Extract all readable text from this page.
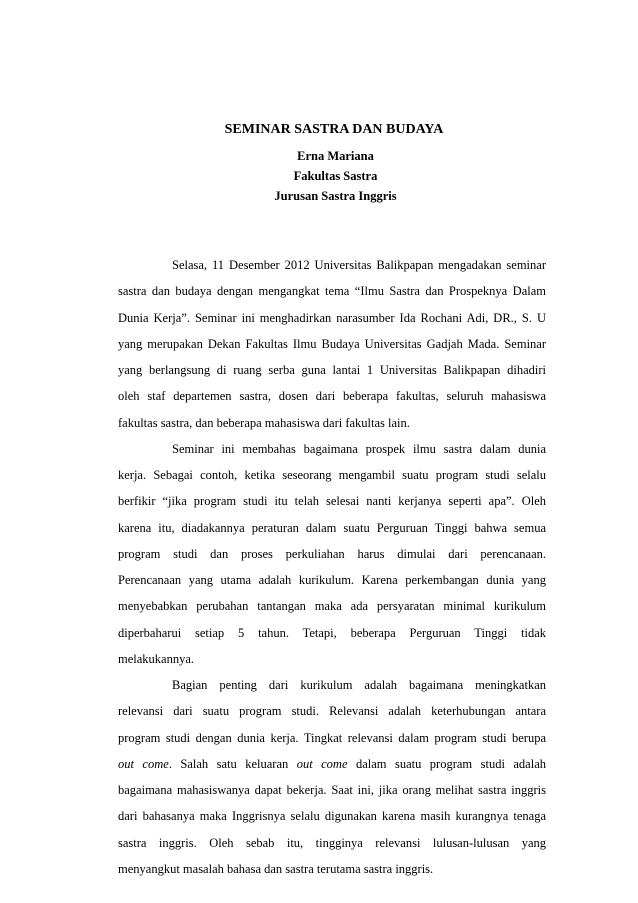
SEMINAR SASTRA DAN BUDAYA

Erna Mariana

Fakultas Sastra

Jurusan Sastra Inggris

Selasa, 11 Desember 2012 Universitas Balikpapan mengadakan seminar
sastra dan budaya dengan mengangkat tema “Ilmu Sastra dan Prospeknya Dalam
Dunia Kerja”. Seminar ini menghadirkan narasumber Ida Rochani Adi, DR., S. U
yang merupakan Dekan Fakultas Ilmu Budaya Universitas Gadjah Mada. Seminar
yang berlangsung di ruang serba guna lantai 1 Universitas Balikpapan dihadiri
oleh staf departemen sastra, dosen dari beberapa fakultas, seluruh mahasiswa
fakultas sastra, dan beberapa mahasiswa dari fakultas lain.
Seminar ini membahas bagaimana prospek ilmu sastra dalam dunia
kerja. Sebagai contoh, ketika seseorang mengambil suatu program studi selalu
berfikir “jika program studi itu telah selesai nanti kerjanya seperti apa”. Oleh
karena itu, diadakannya peraturan dalam suatu Perguruan Tinggi bahwa semua
program studi dan proses perkuliahan harus dimulai dari perencanaan.
Perencanaan yang utama adalah kurikulum. Karena perkembangan dunia yang
menyebabkan perubahan tantangan maka ada persyaratan minimal kurikulum
diperbaharui setiap 5 tahun. Tetapi, beberapa Perguruan Tinggi tidak
melakukannya.
Bagian penting dari kurikulum adalah bagaimana meningkatkan
relevansi dari suatu program studi. Relevansi adalah keterhubungan antara
program studi dengan dunia kerja. Tingkat relevansi dalam program studi berupa
out come. Salah satu keluaran out come dalam suatu program studi adalah
bagaimana mahasiswanya dapat bekerja. Saat ini, jika orang melihat sastra inggris
dari bahasanya maka Inggrisnya selalu digunakan karena masih kurangnya tenaga
sastra inggris. Oleh sebab itu, tingginya relevansi lulusan-lulusan yang
menyangkut masalah bahasa dan sastra terutama sastra inggris.
